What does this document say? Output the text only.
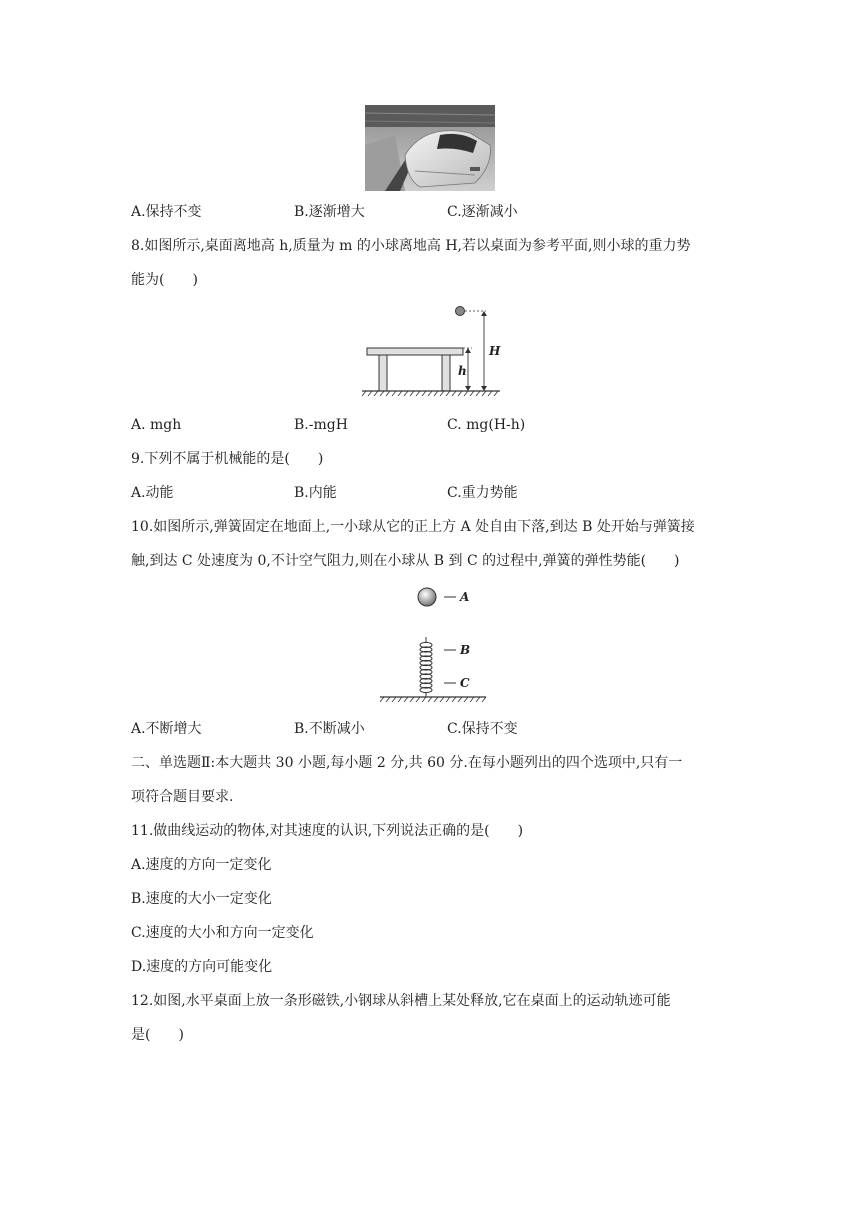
A.保持不变	B.逐渐增大	C.逐渐减小
8.如图所示,桌面离地高 h,质量为 m 的小球离地高 H,若以桌面为参考平面,则小球的重力势
能为(　　)
H
h
A. mgh	B.-mgH	C. mg(H-h)
9.下列不属于机械能的是(　　)
A.动能	B.内能	C.重力势能
10.如图所示,弹簧固定在地面上,一小球从它的正上方 A 处自由下落,到达 B 处开始与弹簧接
触,到达 C 处速度为 0,不计空气阻力,则在小球从 B 到 C 的过程中,弹簧的弹性势能(　　)
A
B
C
A.不断增大	B.不断减小	C.保持不变
二、单选题Ⅱ:本大题共 30 小题,每小题 2 分,共 60 分.在每小题列出的四个选项中,只有一
项符合题目要求.
11.做曲线运动的物体,对其速度的认识,下列说法正确的是(　　)
A.速度的方向一定变化
B.速度的大小一定变化
C.速度的大小和方向一定变化
D.速度的方向可能变化
12.如图,水平桌面上放一条形磁铁,小钢球从斜槽上某处释放,它在桌面上的运动轨迹可能
是(　　)
